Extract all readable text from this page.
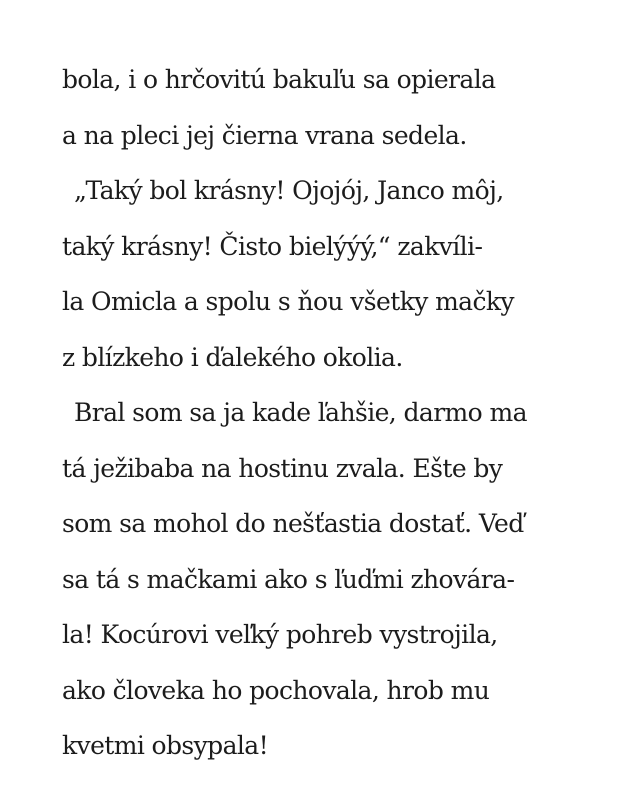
bola, i o hrčovitú bakuľu sa opierala
a na pleci jej čierna vrana sedela.
„Taký bol krásny! Ojojój, Janco môj,
taký krásny! Čisto bielýýý,“ zakvíli-
la Omicla a spolu s ňou všetky mačky
z blízkeho i ďalekého okolia.
Bral som sa ja kade ľahšie, darmo ma
tá ježibaba na hostinu zvala. Ešte by
som sa mohol do nešťastia dostať. Veď
sa tá s mačkami ako s ľuďmi zhovára-
la! Kocúrovi veľký pohreb vystrojila,
ako človeka ho pochovala, hrob mu
kvetmi obsypala!
